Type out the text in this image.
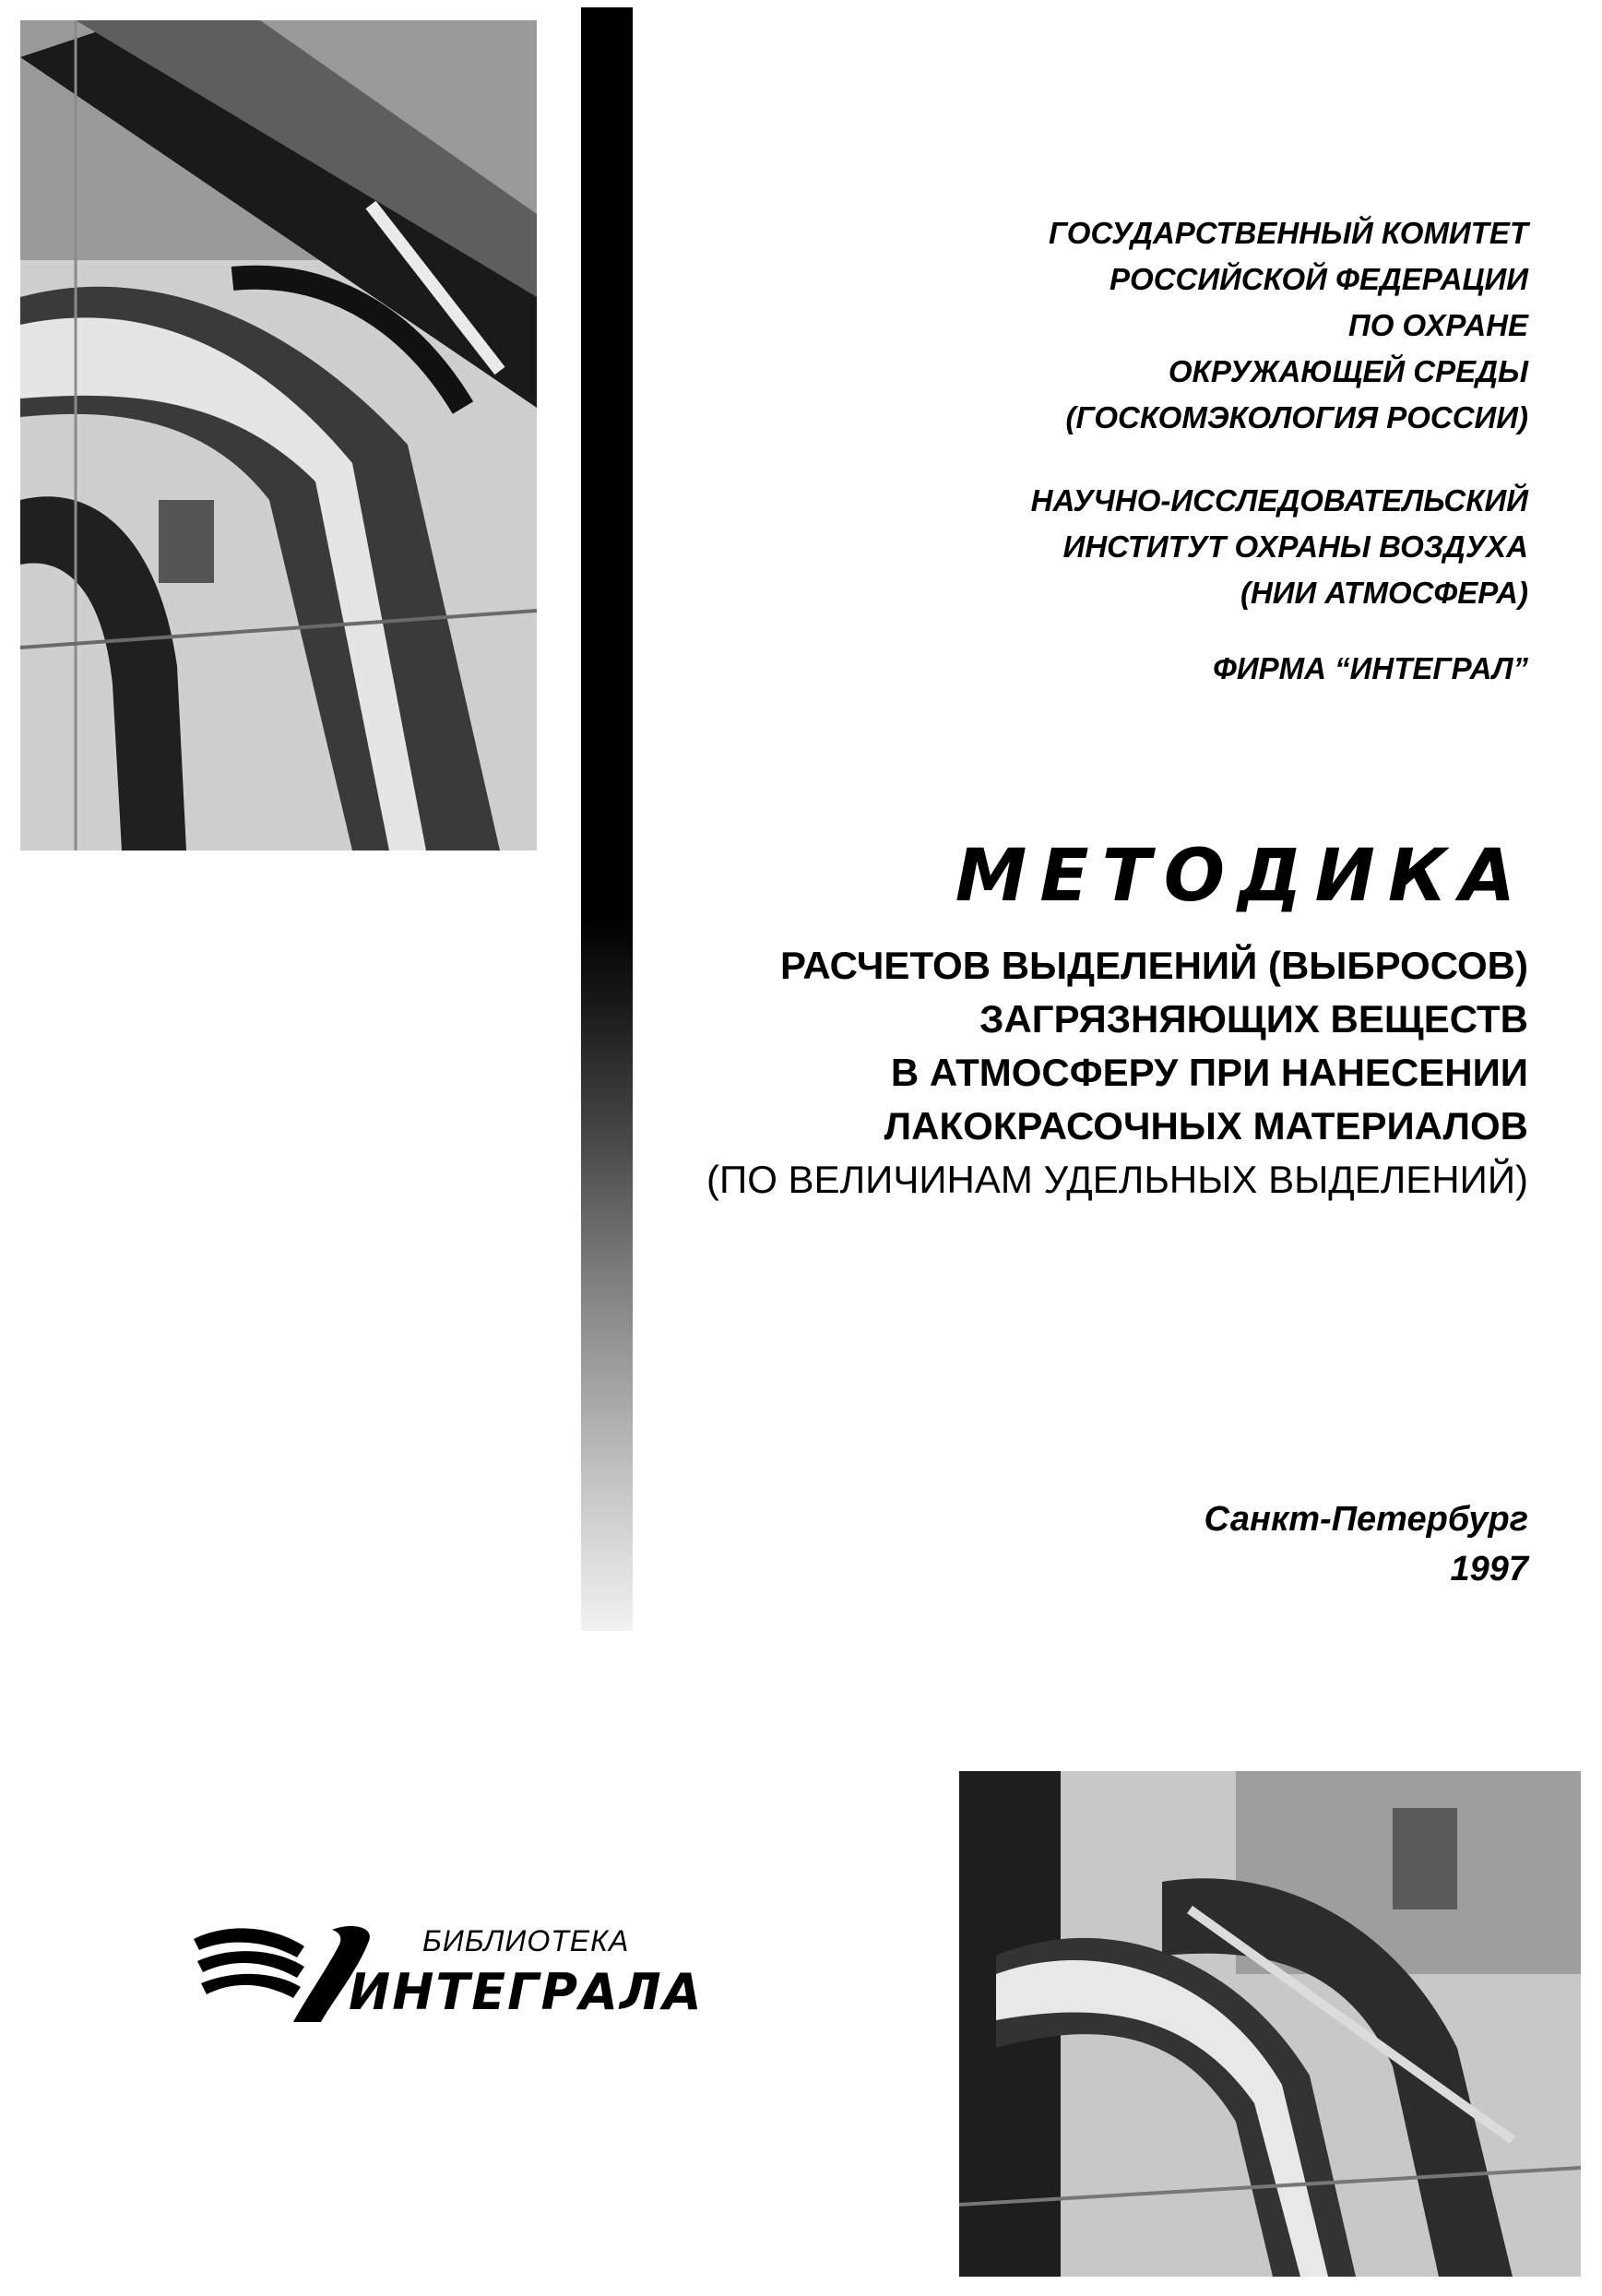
ГОСУДАРСТВЕННЫЙ КОМИТЕТ
РОССИЙСКОЙ ФЕДЕРАЦИИ
ПО ОХРАНЕ
ОКРУЖАЮЩЕЙ СРЕДЫ
(ГОСКОМЭКОЛОГИЯ РОССИИ)

НАУЧНО-ИССЛЕДОВАТЕЛЬСКИЙ
ИНСТИТУТ ОХРАНЫ ВОЗДУХА
(НИИ АТМОСФЕРА)

ФИРМА “ИНТЕГРАЛ”

МЕТОДИКА

РАСЧЕТОВ ВЫДЕЛЕНИЙ (ВЫБРОСОВ)
ЗАГРЯЗНЯЮЩИХ ВЕЩЕСТВ
В АТМОСФЕРУ ПРИ НАНЕСЕНИИ
ЛАКОКРАСОЧНЫХ МАТЕРИАЛОВ
(ПО ВЕЛИЧИНАМ УДЕЛЬНЫХ ВЫДЕЛЕНИЙ)

Санкт-Петербург
1997

БИБЛИОТЕКА
ИНТЕГРАЛА
